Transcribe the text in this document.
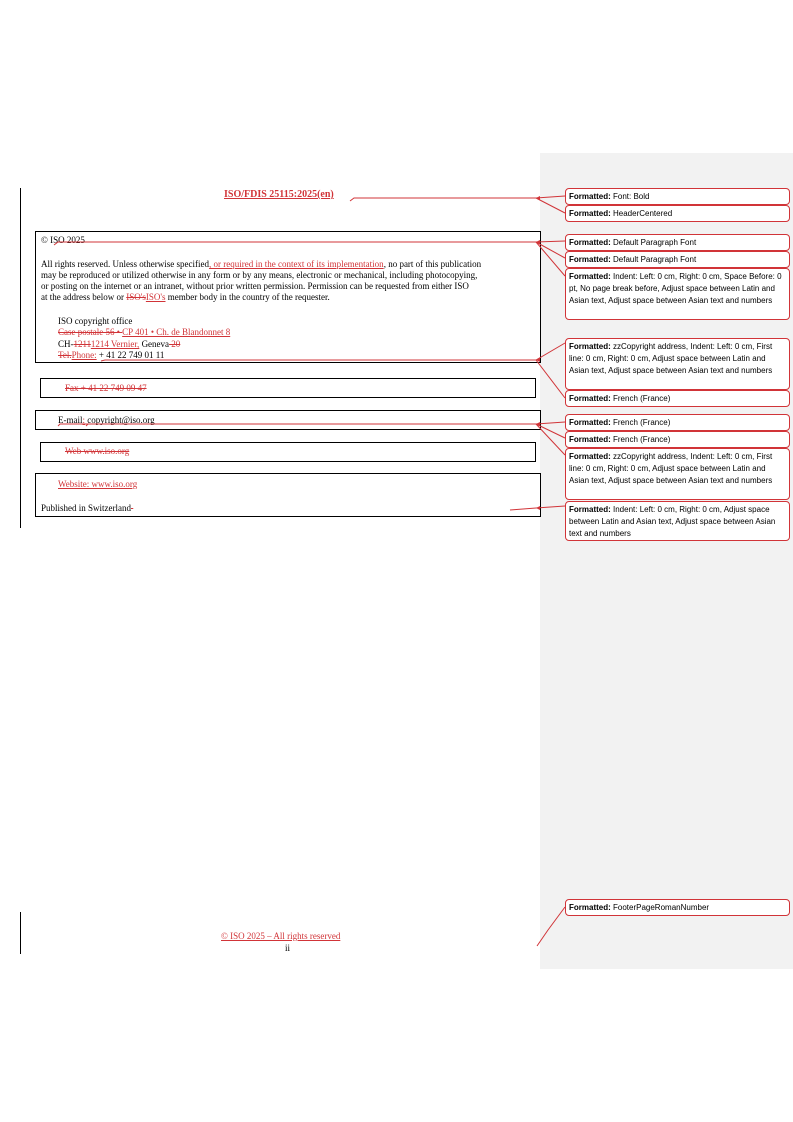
ISO/FDIS 25115:2025(en)
© ISO 2025
All rights reserved. Unless otherwise specified, or required in the context of its implementation, no part of this publication
may be reproduced or utilized otherwise in any form or by any means, electronic or mechanical, including photocopying,
or posting on the internet or an intranet, without prior written permission. Permission can be requested from either ISO
at the address below or ISO'sISO's member body in the country of the requester.
ISO copyright office
Case postale 56 • CP 401 • Ch. de Blandonnet 8
CH-12111214 Vernier, Geneva 20
Tel.Phone: + 41 22 749 01 11
Fax + 41 22 749 09 47
E-mail: copyright@iso.org
Web www.iso.org
Website: www.iso.org
Published in Switzerland
© ISO 2025 – All rights reserved
ii
Formatted: Font: Bold
Formatted: HeaderCentered
Formatted: Default Paragraph Font
Formatted: Default Paragraph Font
Formatted: Indent: Left: 0 cm, Right: 0 cm, Space Before: 0 pt, No page break before, Adjust space between Latin and Asian text, Adjust space between Asian text and numbers
Formatted: zzCopyright address, Indent: Left: 0 cm, First line: 0 cm, Right: 0 cm, Adjust space between Latin and Asian text, Adjust space between Asian text and numbers
Formatted: French (France)
Formatted: French (France)
Formatted: French (France)
Formatted: zzCopyright address, Indent: Left: 0 cm, First line: 0 cm, Right: 0 cm, Adjust space between Latin and Asian text, Adjust space between Asian text and numbers
Formatted: Indent: Left: 0 cm, Right: 0 cm, Adjust space between Latin and Asian text, Adjust space between Asian text and numbers
Formatted: FooterPageRomanNumber
